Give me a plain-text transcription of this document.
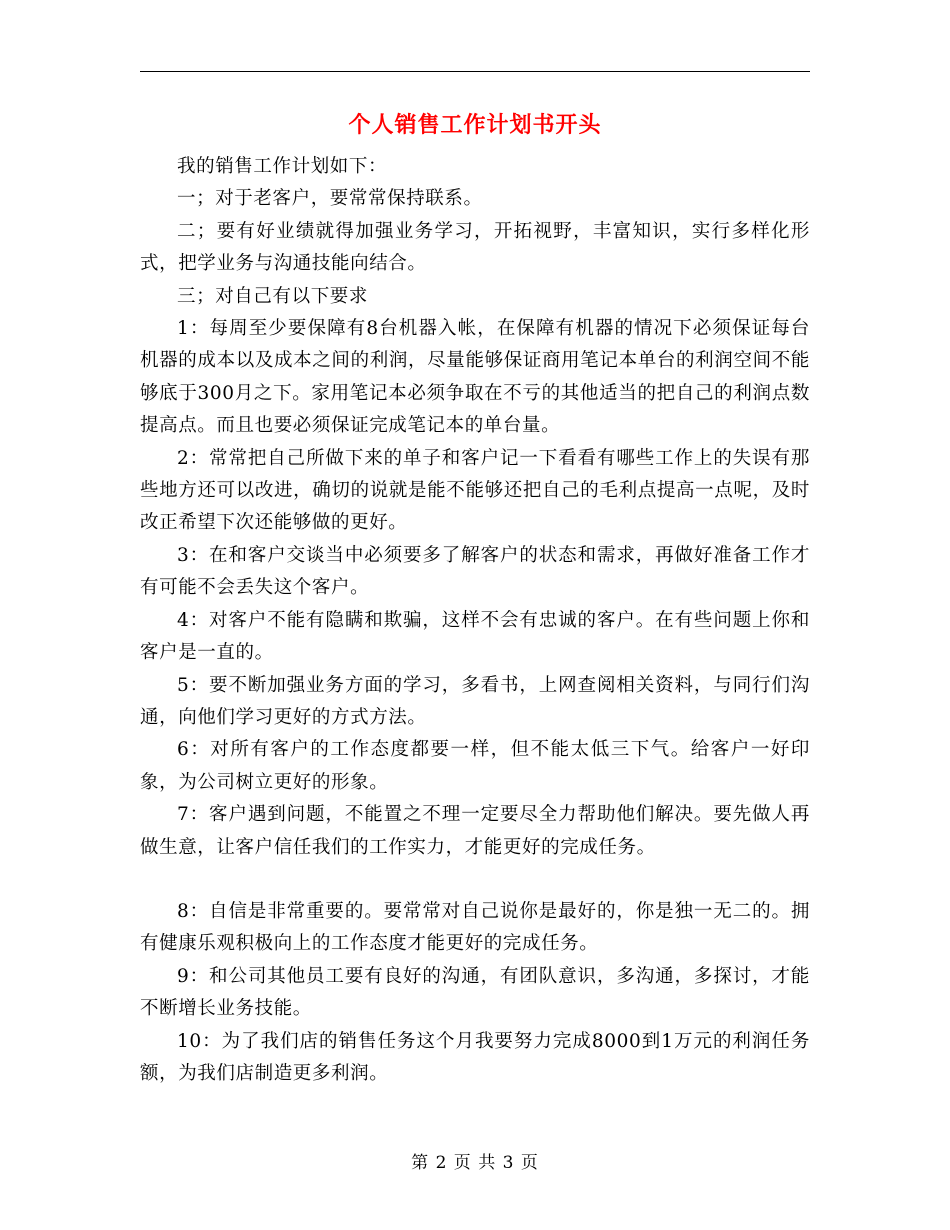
个人销售工作计划书开头

我的销售工作计划如下：

一；对于老客户，要常常保持联系。

二；要有好业绩就得加强业务学习，开拓视野，丰富知识，实行多样化形式，把学业务与沟通技能向结合。

三；对自己有以下要求

1：每周至少要保障有8台机器入帐，在保障有机器的情况下必须保证每台机器的成本以及成本之间的利润，尽量能够保证商用笔记本单台的利润空间不能够底于300月之下。家用笔记本必须争取在不亏的其他适当的把自己的利润点数提高点。而且也要必须保证完成笔记本的单台量。

2：常常把自己所做下来的单子和客户记一下看看有哪些工作上的失误有那些地方还可以改进，确切的说就是能不能够还把自己的毛利点提高一点呢，及时改正希望下次还能够做的更好。

3：在和客户交谈当中必须要多了解客户的状态和需求，再做好准备工作才有可能不会丢失这个客户。

4：对客户不能有隐瞒和欺骗，这样不会有忠诚的客户。在有些问题上你和客户是一直的。

5：要不断加强业务方面的学习，多看书，上网查阅相关资料，与同行们沟通，向他们学习更好的方式方法。

6：对所有客户的工作态度都要一样，但不能太低三下气。给客户一好印象，为公司树立更好的形象。

7：客户遇到问题，不能置之不理一定要尽全力帮助他们解决。要先做人再做生意，让客户信任我们的工作实力，才能更好的完成任务。

8：自信是非常重要的。要常常对自己说你是最好的，你是独一无二的。拥有健康乐观积极向上的工作态度才能更好的完成任务。

9：和公司其他员工要有良好的沟通，有团队意识，多沟通，多探讨，才能不断增长业务技能。

10：为了我们店的销售任务这个月我要努力完成8000到1万元的利润任务额，为我们店制造更多利润。

第 2 页 共 3 页
